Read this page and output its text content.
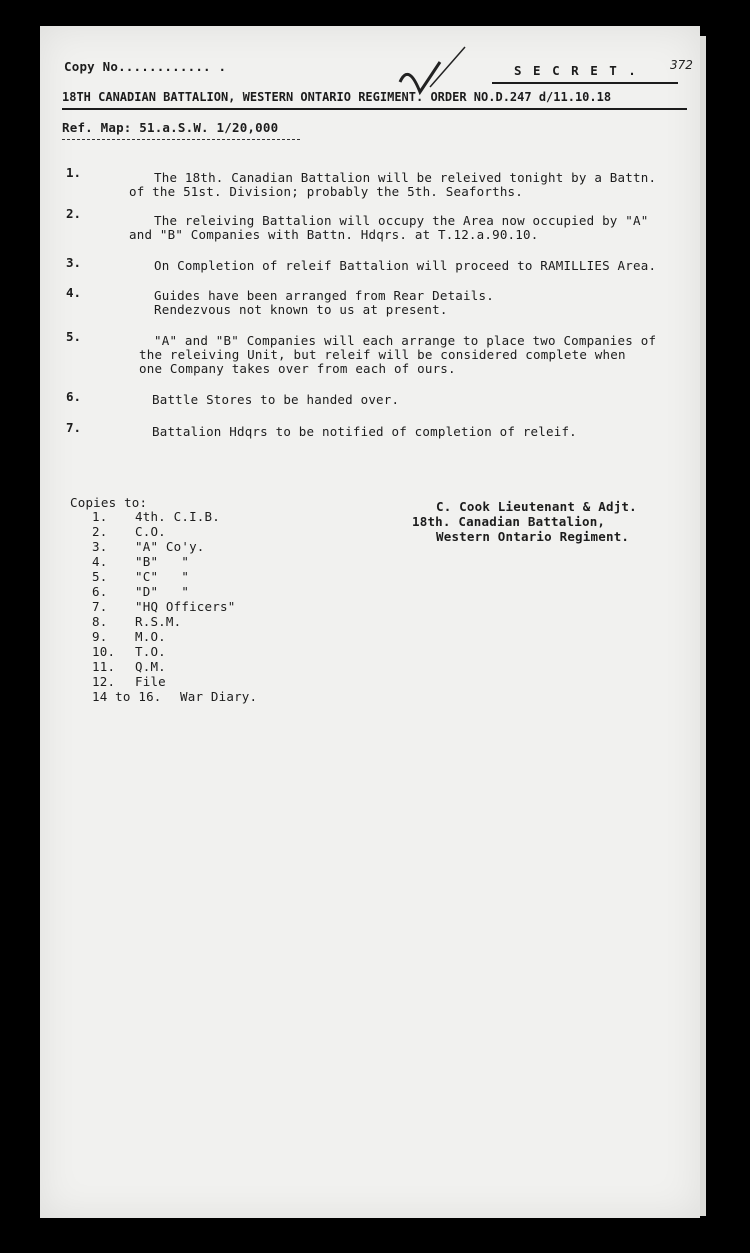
Copy No............ .	S E C R E T .	372
18TH CANADIAN BATTALION, WESTERN ONTARIO REGIMENT. ORDER NO.D.247 d/11.10.18
Ref. Map: 51.a.S.W. 1/20,000
1.	The 18th. Canadian Battalion will be releived tonight by a Battn.
of the 51st. Division; probably the 5th. Seaforths.
2.	The releiving Battalion will occupy the Area now occupied by "A"
and "B" Companies with Battn. Hdqrs. at T.12.a.90.10.
3.	On Completion of releif Battalion will proceed to RAMILLIES Area.
4.	Guides have been arranged from Rear Details.
Rendezvous not known to us at present.
5.	"A" and "B" Companies will each arrange to place two Companies of
the releiving Unit, but releif will be considered complete when
one Company takes over from each of ours.
6.	Battle Stores to be handed over.
7.	Battalion Hdqrs to be notified of completion of releif.
Copies to:
1. 4th. C.I.B.
2. C.O.
3. "A" Co'y.
4. "B"   "
5. "C"   "
6. "D"   "
7. "HQ Officers"
8. R.S.M.
9. M.O.
10. T.O.
11. Q.M.
12. File
14 to 16. War Diary.
C. Cook Lieutenant & Adjt.
18th. Canadian Battalion,
Western Ontario Regiment.
